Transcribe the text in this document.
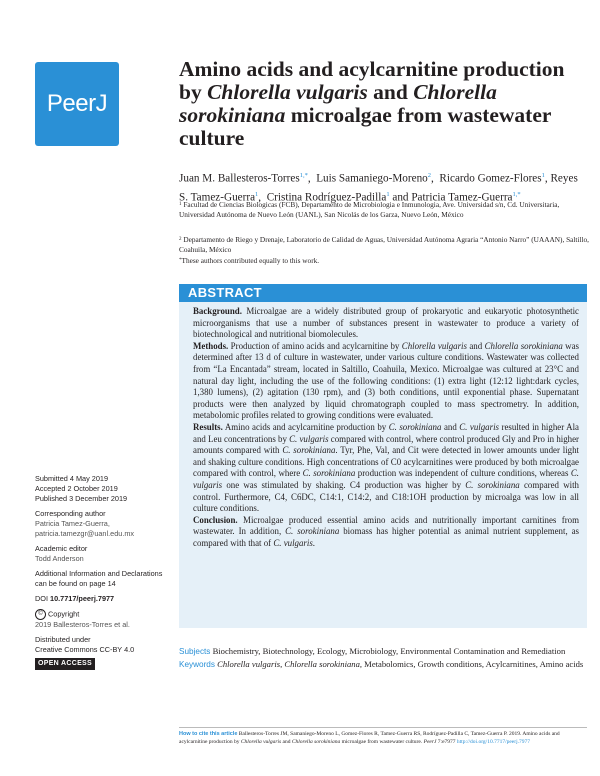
PeerJ
Amino acids and acylcarnitine production by Chlorella vulgaris and Chlorella sorokiniana microalgae from wastewater culture
Juan M. Ballesteros-Torres$^{1,*}$,  Luis Samaniego-Moreno$^2$,  Ricardo Gomez-Flores$^1$, Reyes S. Tamez-Guerra$^1$,  Cristina Rodríguez-Padilla$^1$ and Patricia Tamez-Guerra$^{1,*}$
$^1$ Facultad de Ciencias Biologicas (FCB), Departamento de Microbiologia e Inmunologia, Ave. Universidad s/n, Cd. Universitaria, Universidad Autónoma de Nuevo León (UANL), San Nicolás de los Garza, Nuevo León, México
$^2$ Departamento de Riego y Drenaje, Laboratorio de Calidad de Aguas, Universidad Autónoma Agraria “Antonio Narro” (UAAAN), Saltillo, Coahuila, México
*These authors contributed equally to this work.
ABSTRACT

Background. Microalgae are a widely distributed group of prokaryotic and eukaryotic photosynthetic microorganisms that use a number of substances present in wastewater to produce a variety of biotechnological and nutritional biomolecules.

Methods. Production of amino acids and acylcarnitine by Chlorella vulgaris and Chlorella sorokiniana was determined after 13 d of culture in wastewater, under various culture conditions. Wastewater was collected from “La Encantada” stream, located in Saltillo, Coahuila, Mexico. Microalgae was cultured at 23°C and natural day light, including the use of the following conditions: (1) extra light (12:12 light:dark cycles, 1,380 lumens), (2) agitation (130 rpm), and (3) both conditions, until exponential phase. Supernatant products were then analyzed by liquid chromatograph coupled to mass spectrometry. In addition, metabolomic profiles related to growing conditions were evaluated.

Results. Amino acids and acylcarnitine production by C. sorokiniana and C. vulgaris resulted in higher Ala and Leu concentrations by C. vulgaris compared with control, where control produced Gly and Pro in higher amounts compared with C. sorokiniana. Tyr, Phe, Val, and Cit were detected in lower amounts under light and shaking culture conditions. High concentrations of C0 acylcarnitines were produced by both microalgae compared with control, where C. sorokiniana production was independent of culture conditions, whereas C. vulgaris one was stimulated by shaking. C4 production was higher by C. sorokiniana compared with control. Furthermore, C4, C6DC, C14:1, C14:2, and C18:1OH production by microalga was low in all culture conditions.

Conclusion. Microalgae produced essential amino acids and nutritionally important carnitines from wastewater. In addition, C. sorokiniana biomass has higher potential as animal nutrient supplement, as compared with that of C. vulgaris.

Submitted 4 May 2019
Accepted 2 October 2019
Published 3 December 2019
Corresponding author
Patricia Tamez-Guerra,
patricia.tamezgr@uanl.edu.mx
Academic editor
Todd Anderson
Additional Information and Declarations can be found on page 14
DOI 10.7717/peerj.7977
© Copyright
2019 Ballesteros-Torres et al.
Distributed under
Creative Commons CC-BY 4.0
OPEN ACCESS
Subjects Biochemistry, Biotechnology, Ecology, Microbiology, Environmental Contamination and Remediation
Keywords Chlorella vulgaris, Chlorella sorokiniana, Metabolomics, Growth conditions, Acylcarnitines, Amino acids
How to cite this article Ballesteros-Torres JM, Samaniego-Moreno L, Gomez-Flores R, Tamez-Guerra RS, Rodríguez-Padilla C, Tamez-Guerra P. 2019. Amino acids and acylcarnitine production by Chlorella vulgaris and Chlorella sorokiniana microalgae from wastewater culture. PeerJ 7:e7977 http://doi.org/10.7717/peerj.7977
